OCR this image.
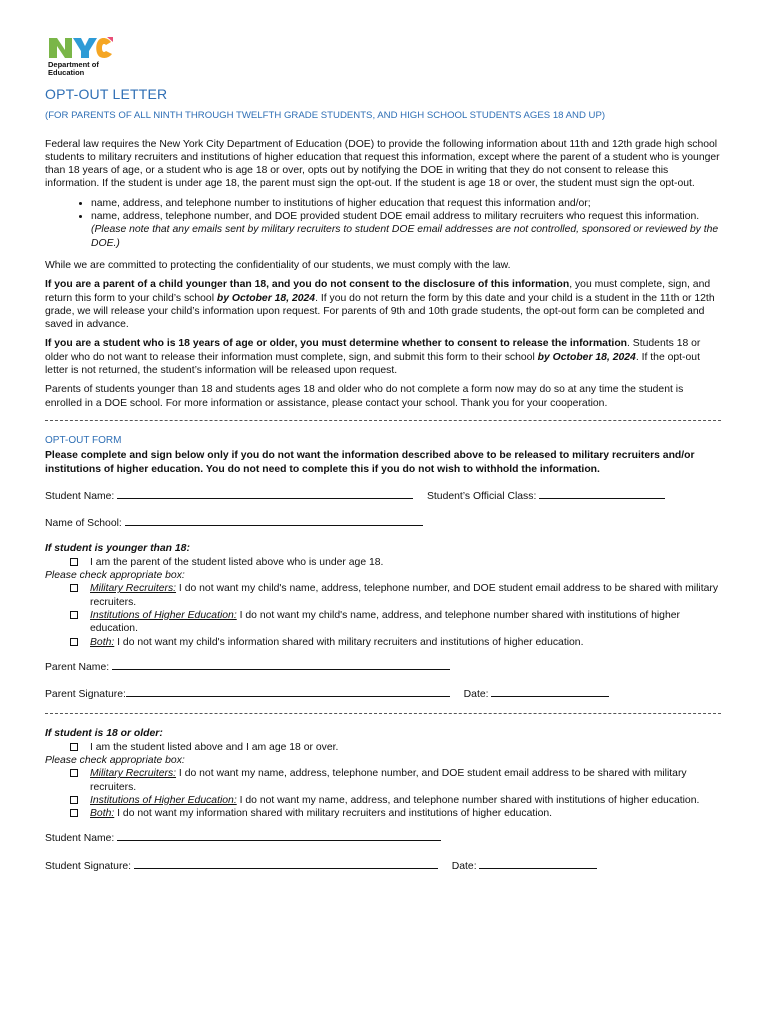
Department of
Education
OPT-OUT LETTER
(FOR PARENTS OF ALL NINTH THROUGH TWELFTH GRADE STUDENTS, AND HIGH SCHOOL STUDENTS AGES 18 AND UP)

Federal law requires the New York City Department of Education (DOE) to provide the following information about 11th and 12th grade high school students to military recruiters and institutions of higher education that request this information, except where the parent of a student who is younger than 18 years of age, or a student who is age 18 or over, opts out by notifying the DOE in writing that they do not consent to release this information. If the student is under age 18, the parent must sign the opt-out. If the student is age 18 or over, the student must sign the opt-out.

• name, address, and telephone number to institutions of higher education that request this information and/or;
• name, address, telephone number, and DOE provided student DOE email address to military recruiters who request this information. (Please note that any emails sent by military recruiters to student DOE email addresses are not controlled, sponsored or reviewed by the DOE.)

While we are committed to protecting the confidentiality of our students, we must comply with the law.

If you are a parent of a child younger than 18, and you do not consent to the disclosure of this information, you must complete, sign, and return this form to your child’s school by October 18, 2024. If you do not return the form by this date and your child is a student in the 11th or 12th grade, we will release your child’s information upon request. For parents of 9th and 10th grade students, the opt-out form can be completed and saved in advance.

If you are a student who is 18 years of age or older, you must determine whether to consent to release the information. Students 18 or older who do not want to release their information must complete, sign, and submit this form to their school by October 18, 2024. If the opt-out letter is not returned, the student’s information will be released upon request.

Parents of students younger than 18 and students ages 18 and older who do not complete a form now may do so at any time the student is enrolled in a DOE school. For more information or assistance, please contact your school. Thank you for your cooperation.

OPT-OUT FORM

Please complete and sign below only if you do not want the information described above to be released to military recruiters and/or institutions of higher education. You do not need to complete this if you do not wish to withhold the information.

Student Name:	Student’s Official Class:
Name of School:
If student is younger than 18:
I am the parent of the student listed above who is under age 18.
Please check appropriate box:
Military Recruiters: I do not want my child's name, address, telephone number, and DOE student email address to be shared with military recruiters.
Institutions of Higher Education: I do not want my child's name, address, and telephone number shared with institutions of higher education.
Both: I do not want my child's information shared with military recruiters and institutions of higher education.
Parent Name:
Parent Signature:	Date:
If student is 18 or older:
I am the student listed above and I am age 18 or over.
Please check appropriate box:
Military Recruiters: I do not want my name, address, telephone number, and DOE student email address to be shared with military recruiters.
Institutions of Higher Education: I do not want my name, address, and telephone number shared with institutions of higher education.
Both: I do not want my information shared with military recruiters and institutions of higher education.
Student Name:
Student Signature:	Date:
